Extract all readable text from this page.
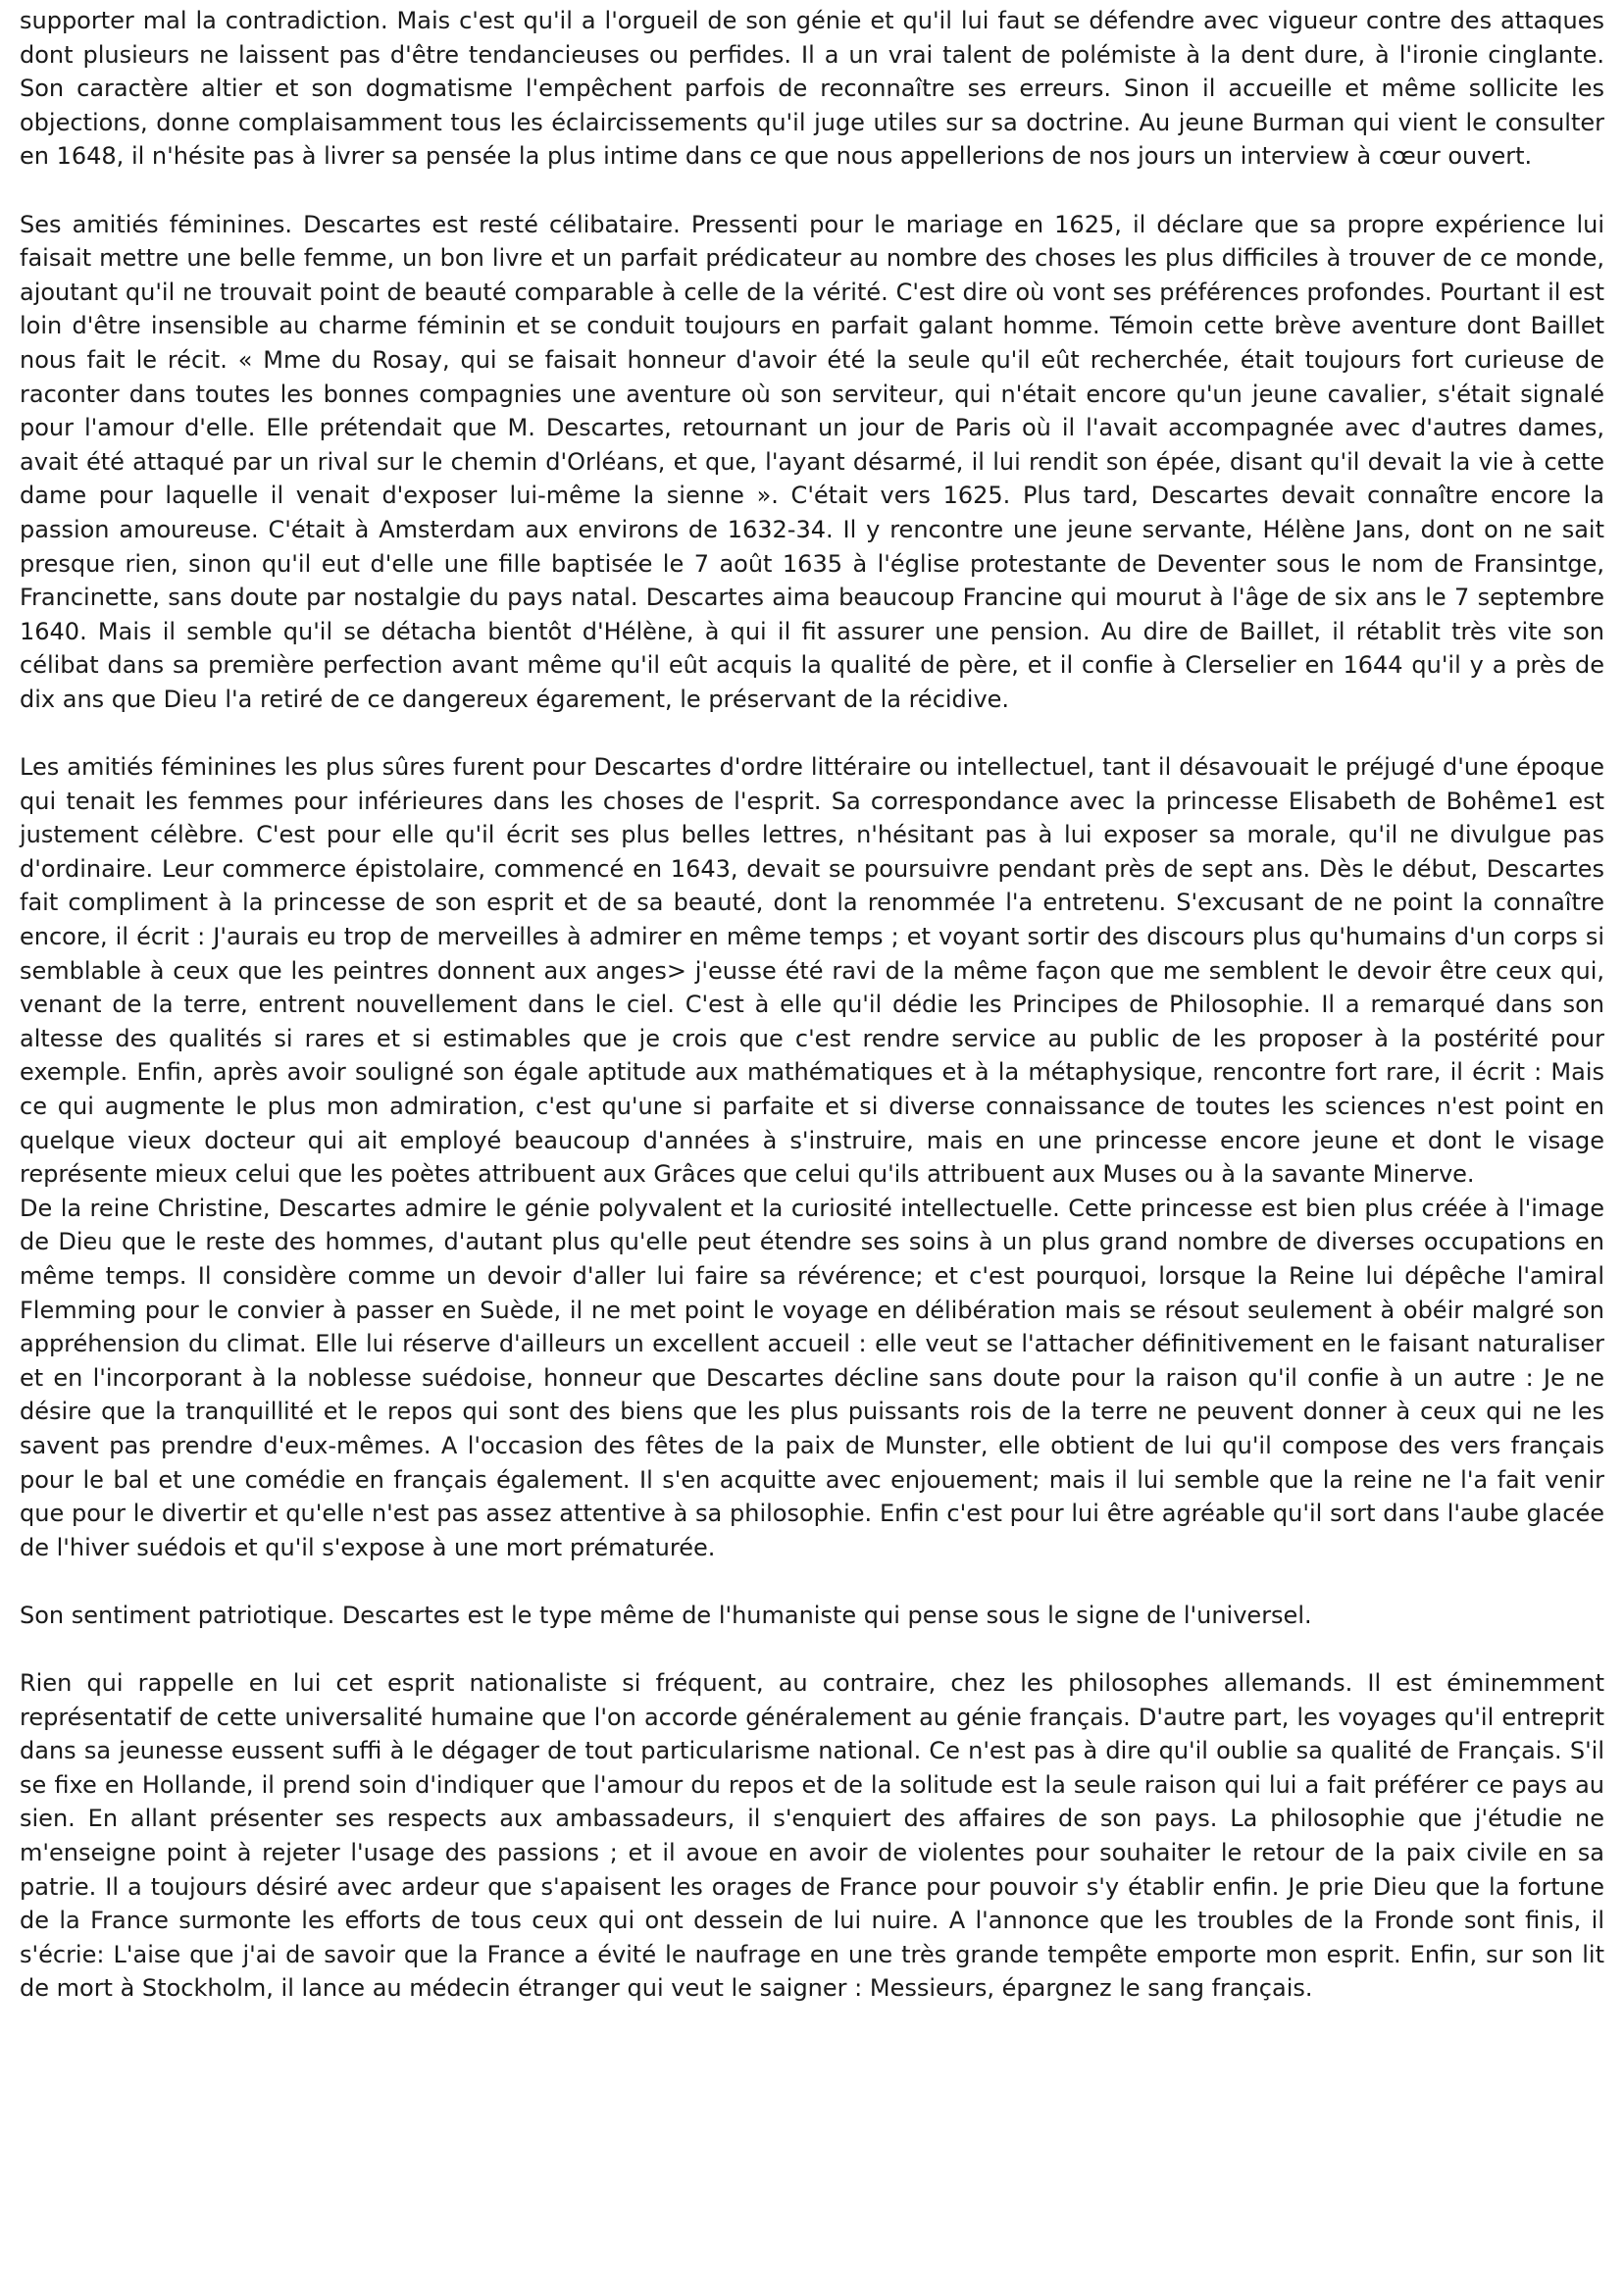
supporter mal la contradiction. Mais c'est qu'il a l'orgueil de son génie et qu'il lui faut se défendre avec vigueur contre des attaques dont plusieurs ne laissent pas d'être tendancieuses ou perfides. Il a un vrai talent de polémiste à la dent dure, à l'ironie cinglante. Son caractère altier et son dogmatisme l'empêchent parfois de reconnaître ses erreurs. Sinon il accueille et même sollicite les objections, donne complaisamment tous les éclaircissements qu'il juge utiles sur sa doctrine. Au jeune Burman qui vient le consulter en 1648, il n'hésite pas à livrer sa pensée la plus intime dans ce que nous appellerions de nos jours un interview à cœur ouvert.

Ses amitiés féminines. Descartes est resté célibataire. Pressenti pour le mariage en 1625, il déclare que sa propre expérience lui faisait mettre une belle femme, un bon livre et un parfait prédicateur au nombre des choses les plus difficiles à trouver de ce monde, ajoutant qu'il ne trouvait point de beauté comparable à celle de la vérité. C'est dire où vont ses préférences profondes. Pourtant il est loin d'être insensible au charme féminin et se conduit toujours en parfait galant homme. Témoin cette brève aventure dont Baillet nous fait le récit. « Mme du Rosay, qui se faisait honneur d'avoir été la seule qu'il eût recherchée, était toujours fort curieuse de raconter dans toutes les bonnes compagnies une aventure où son serviteur, qui n'était encore qu'un jeune cavalier, s'était signalé pour l'amour d'elle. Elle prétendait que M. Descartes, retournant un jour de Paris où il l'avait accompagnée avec d'autres dames, avait été attaqué par un rival sur le chemin d'Orléans, et que, l'ayant désarmé, il lui rendit son épée, disant qu'il devait la vie à cette dame pour laquelle il venait d'exposer lui-même la sienne ». C'était vers 1625. Plus tard, Descartes devait connaître encore la passion amoureuse. C'était à Amsterdam aux environs de 1632-34. Il y rencontre une jeune servante, Hélène Jans, dont on ne sait presque rien, sinon qu'il eut d'elle une fille baptisée le 7 août 1635 à l'église protestante de Deventer sous le nom de Fransintge, Francinette, sans doute par nostalgie du pays natal. Descartes aima beaucoup Francine qui mourut à l'âge de six ans le 7 septembre 1640. Mais il semble qu'il se détacha bientôt d'Hélène, à qui il fit assurer une pension. Au dire de Baillet, il rétablit très vite son célibat dans sa première perfection avant même qu'il eût acquis la qualité de père, et il confie à Clerselier en 1644 qu'il y a près de dix ans que Dieu l'a retiré de ce dangereux égarement, le préservant de la récidive.

Les amitiés féminines les plus sûres furent pour Descartes d'ordre littéraire ou intellectuel, tant il désavouait le préjugé d'une époque qui tenait les femmes pour inférieures dans les choses de l'esprit. Sa correspondance avec la princesse Elisabeth de Bohême1 est justement célèbre. C'est pour elle qu'il écrit ses plus belles lettres, n'hésitant pas à lui exposer sa morale, qu'il ne divulgue pas d'ordinaire. Leur commerce épistolaire, commencé en 1643, devait se poursuivre pendant près de sept ans. Dès le début, Descartes fait compliment à la princesse de son esprit et de sa beauté, dont la renommée l'a entretenu. S'excusant de ne point la connaître encore, il écrit : J'aurais eu trop de merveilles à admirer en même temps ; et voyant sortir des discours plus qu'humains d'un corps si semblable à ceux que les peintres donnent aux anges> j'eusse été ravi de la même façon que me semblent le devoir être ceux qui, venant de la terre, entrent nouvellement dans le ciel. C'est à elle qu'il dédie les Principes de Philosophie. Il a remarqué dans son altesse des qualités si rares et si estimables que je crois que c'est rendre service au public de les proposer à la postérité pour exemple. Enfin, après avoir souligné son égale aptitude aux mathématiques et à la métaphysique, rencontre fort rare, il écrit : Mais ce qui augmente le plus mon admiration, c'est qu'une si parfaite et si diverse connaissance de toutes les sciences n'est point en quelque vieux docteur qui ait employé beaucoup d'années à s'instruire, mais en une princesse encore jeune et dont le visage représente mieux celui que les poètes attribuent aux Grâces que celui qu'ils attribuent aux Muses ou à la savante Minerve.

De la reine Christine, Descartes admire le génie polyvalent et la curiosité intellectuelle. Cette princesse est bien plus créée à l'image de Dieu que le reste des hommes, d'autant plus qu'elle peut étendre ses soins à un plus grand nombre de diverses occupations en même temps. Il considère comme un devoir d'aller lui faire sa révérence; et c'est pourquoi, lorsque la Reine lui dépêche l'amiral Flemming pour le convier à passer en Suède, il ne met point le voyage en délibération mais se résout seulement à obéir malgré son appréhension du climat. Elle lui réserve d'ailleurs un excellent accueil : elle veut se l'attacher définitivement en le faisant naturaliser et en l'incorporant à la noblesse suédoise, honneur que Descartes décline sans doute pour la raison qu'il confie à un autre : Je ne désire que la tranquillité et le repos qui sont des biens que les plus puissants rois de la terre ne peuvent donner à ceux qui ne les savent pas prendre d'eux-mêmes. A l'occasion des fêtes de la paix de Munster, elle obtient de lui qu'il compose des vers français pour le bal et une comédie en français également. Il s'en acquitte avec enjouement; mais il lui semble que la reine ne l'a fait venir que pour le divertir et qu'elle n'est pas assez attentive à sa philosophie. Enfin c'est pour lui être agréable qu'il sort dans l'aube glacée de l'hiver suédois et qu'il s'expose à une mort prématurée.

Son sentiment patriotique. Descartes est le type même de l'humaniste qui pense sous le signe de l'universel.

Rien qui rappelle en lui cet esprit nationaliste si fréquent, au contraire, chez les philosophes allemands. Il est éminemment représentatif de cette universalité humaine que l'on accorde généralement au génie français. D'autre part, les voyages qu'il entreprit dans sa jeunesse eussent suffi à le dégager de tout particularisme national. Ce n'est pas à dire qu'il oublie sa qualité de Français. S'il se fixe en Hollande, il prend soin d'indiquer que l'amour du repos et de la solitude est la seule raison qui lui a fait préférer ce pays au sien. En allant présenter ses respects aux ambassadeurs, il s'enquiert des affaires de son pays. La philosophie que j'étudie ne m'enseigne point à rejeter l'usage des passions ; et il avoue en avoir de violentes pour souhaiter le retour de la paix civile en sa patrie. Il a toujours désiré avec ardeur que s'apaisent les orages de France pour pouvoir s'y établir enfin. Je prie Dieu que la fortune de la France surmonte les efforts de tous ceux qui ont dessein de lui nuire. A l'annonce que les troubles de la Fronde sont finis, il s'écrie: L'aise que j'ai de savoir que la France a évité le naufrage en une très grande tempête emporte mon esprit. Enfin, sur son lit de mort à Stockholm, il lance au médecin étranger qui veut le saigner : Messieurs, épargnez le sang français.
